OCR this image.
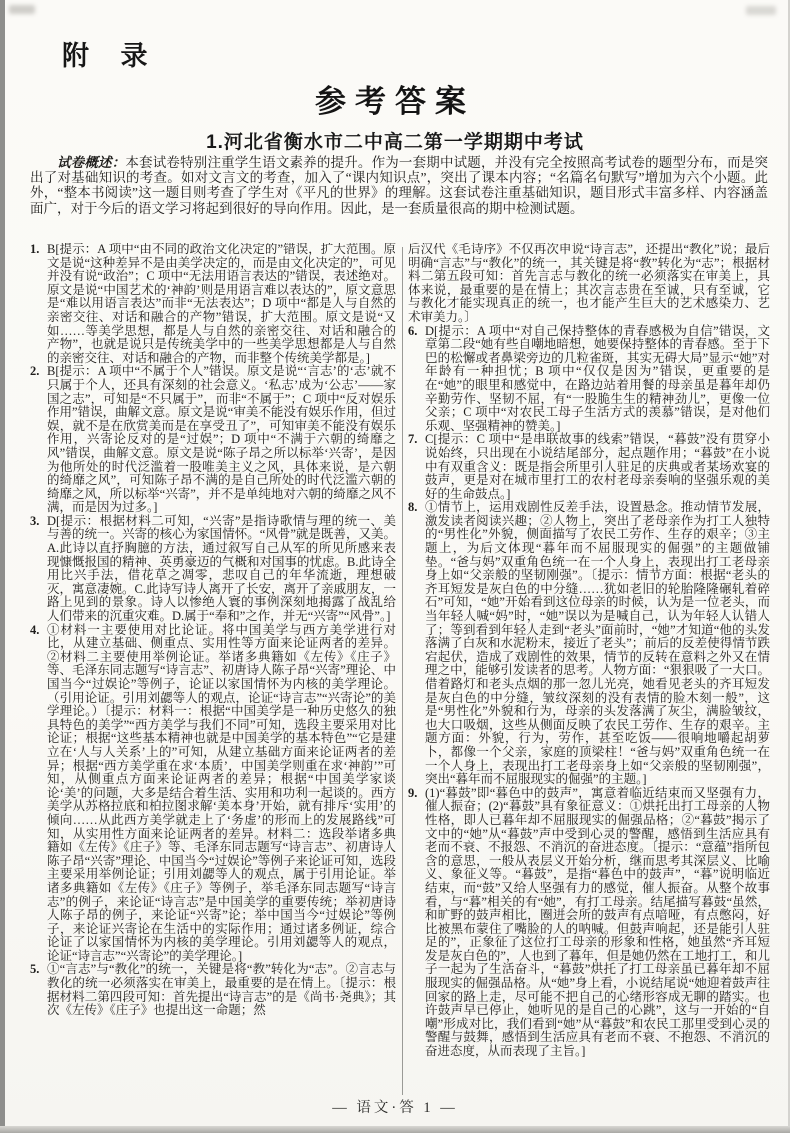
附 录
参考答案
1.河北省衡水市二中高二第一学期期中考试
试卷概述：本套试卷特别注重学生语文素养的提升。作为一套期中试题，并没有完全按照高考试卷的题型分布，而是突出了对基础知识的考查。如对文言文的考查，加入了“课内知识点”，突出了课本内容；“名篇名句默写”增加为六个小题。此外，“整本书阅读”这一题目则考查了学生对《平凡的世界》的理解。这套试卷注重基础知识，题目形式丰富多样、内容涵盖面广，对于今后的语文学习将起到很好的导向作用。因此，是一套质量很高的期中检测试题。
1. B[提示：A 项中“由不同的政治文化决定的”错误，扩大范围。原文是说“这种差异不是由美学决定的，而是由文化决定的”，可见并没有说“政治”；C 项中“无法用语言表达的”错误，表述绝对。原文是说“中国艺术的‘神韵’则是用语言难以表达的”，原文意思是“难以用语言表达”而非“无法表达”；D 项中“都是人与自然的亲密交往、对话和融合的产物”错误，扩大范围。原文是说“又如……等美学思想，都是人与自然的亲密交往、对话和融合的产物”，也就是说只是传统美学中的一些美学思想都是人与自然的亲密交往、对话和融合的产物，而非整个传统美学都是。]
2. B[提示：A 项中“不属于个人”错误。原文是说“‘言志’的‘志’就不只属于个人，还具有深刻的社会意义。‘私志’成为‘公志’——家国之志”，可知是“不只属于”，而非“不属于”；C 项中“反对娱乐作用”错误，曲解文意。原文是说“审美不能没有娱乐作用，但过娱，就不是在欣赏美而是在享受丑了”，可知审美不能没有娱乐作用，兴寄论反对的是“过娱”；D 项中“不满于六朝的绮靡之风”错误，曲解文意。原文是说“陈子昂之所以标举‘兴寄’，是因为他所处的时代泛滥着一股唯美主义之风，具体来说，是六朝的绮靡之风”，可知陈子昂不满的是自己所处的时代泛滥六朝的绮靡之风，所以标举“兴寄”，并不是单纯地对六朝的绮靡之风不满，而是因为过多。]
3. D[提示：根据材料二可知，“兴寄”是指诗歌情与理的统一、美与善的统一。兴寄的核心为家国情怀。“风骨”就是既善，又美。A.此诗以直抒胸臆的方法，通过叙写自己从军的所见所感来表现慷慨报国的精神、英勇豪迈的气概和对国事的忧虑。B.此诗全用比兴手法，借花草之凋零，悲叹自己的年华流逝，理想破灭，寓意凄婉。C.此诗写诗人离开了长安，离开了亲戚朋友，一路上见到的景象。诗人以惨绝人寰的事例深刻地揭露了战乱给人们带来的沉重灾难。D.属于“奉和”之作，并无“兴寄”“风骨”。]
4. ①材料一主要使用对比论证。将中国美学与西方美学进行对比，从建立基础、侧重点、实用性等方面来论证两者的差异。②材料二主要使用举例论证。举诸多典籍如《左传》《庄子》等、毛泽东同志题写“诗言志”、初唐诗人陈子昂“兴寄”理论、中国当今“过娱论”等例子，论证以家国情怀为内核的美学理论。（引用论证。引用刘勰等人的观点，论证“诗言志”“兴寄论”的美学理论。）〔提示：材料一：根据“中国美学是一种历史悠久的独具特色的美学”“西方美学与我们不同”可知，选段主要采用对比论证；根据“这些基本精神也就是中国美学的基本特色”“它是建立在‘人与人关系’上的”可知，从建立基础方面来论证两者的差异；根据“西方美学重在求‘本质’，中国美学则重在求‘神韵’”可知，从侧重点方面来论证两者的差异；根据“中国美学家谈论‘美’的问题，大多是结合着生活、实用和功利一起谈的。西方美学从苏格拉底和柏拉图求解‘美本身’开始，就有排斥‘实用’的倾向……从此西方美学就走上了‘务虚’的形而上的发展路线”可知，从实用性方面来论证两者的差异。材料二：选段举诸多典籍如《左传》《庄子》等、毛泽东同志题写“诗言志”、初唐诗人陈子昂“兴寄”理论、中国当今“过娱论”等例子来论证可知，选段主要采用举例论证；引用刘勰等人的观点，属于引用论证。举诸多典籍如《左传》《庄子》等例子，举毛泽东同志题写“诗言志”的例子，来论证“诗言志”是中国美学的重要传统；举初唐诗人陈子昂的例子，来论证“兴寄”论；举中国当今“过娱论”等例子，来论证兴寄论在生活中的实际作用；通过诸多例证，综合论证了以家国情怀为内核的美学理论。引用刘勰等人的观点，论证“诗言志”“兴寄论”的美学理论。]
5. ①“言志”与“教化”的统一，关键是将“教”转化为“志”。②言志与教化的统一必须落实在审美上，最重要的是在情上。〔提示：根据材料二第四段可知：首先提出“诗言志”的是《尚书·尧典》；其次《左传》《庄子》也提出这一命题；然

后汉代《毛诗序》不仅再次申说“诗言志”，还提出“教化”说；最后明确“言志”与“教化”的统一，其关键是将“教”转化为“志”；根据材料二第五段可知：首先言志与教化的统一必须落实在审美上，具体来说，最重要的是在情上；其次言志贵在至诚，只有至诚，它与教化才能实现真正的统一，也才能产生巨大的艺术感染力、艺术审美力。〕

6. D[提示：A 项中“对自己保持整体的青春感极为自信”错误，文章第二段“她有些自嘲地暗想，她要保持整体的青春感。至于下巴的松懈或者鼻梁旁边的几粒雀斑，其实无碍大局”显示“她”对年龄有一种担忧；B 项中“仅仅是因为”错误，更重要的是在“她”的眼里和感觉中，在路边站着用餐的母亲虽是暮年却仍辛勤劳作、坚韧不屈，有“一股脆生生的精神劲儿”，更像一位父亲；C 项中“对农民工母子生活方式的羡慕”错误，是对他们乐观、坚强精神的赞美。]
7. C[提示：C 项中“是串联故事的线索”错误，“暮鼓”没有贯穿小说始终，只出现在小说结尾部分，起点题作用；“暮鼓”在小说中有双重含义：既是指会所里引人驻足的庆典或者某场欢宴的鼓声，更是对在城市里打工的农村老母亲奏响的坚强乐观的美好的生命鼓点。]
8. ①情节上，运用戏剧性反差手法，设置悬念。推动情节发展，激发读者阅读兴趣；②人物上，突出了老母亲作为打工人独特的“男性化”外貌，侧面描写了农民工劳作、生存的艰辛；③主题上，为后文体现“暮年而不屈服现实的倔强”的主题做铺垫。“爸与妈”双重角色统一在一个人身上，表现出打工老母亲身上如“父亲般的坚韧刚强”。〔提示：情节方面：根据“老头的齐耳短发是灰白色的中分缝……犹如老旧的轮胎隆隆碾轧着碎石”可知，“她”开始看到这位母亲的时候，认为是一位老头，而当年轻人喊“妈”时，“她”误以为是喊自己，认为年轻人认错人了；等到看到年轻人走到“老头”面前时，“她”才知道“他的头发落满了白灰和水泥粉末，接近了老头”；前后的反差使得情节跌宕起伏，造成了戏剧性的效果，情节的反转在意料之外又在情理之中，能够引发读者的思考。人物方面：“狠狠吸了一大口。借着路灯和老头点烟的那一忽儿光亮，她看见老头的齐耳短发是灰白色的中分缝，皱纹深刻的没有表情的脸木刻一般”，这是“男性化”外貌和行为，母亲的头发落满了灰尘，满脸皱纹，也大口吸烟，这些从侧面反映了农民工劳作、生存的艰辛。主题方面：外貌，行为，劳作，甚至吃饭——很响地嚼起胡萝卜，都像一个父亲，家庭的顶梁柱！“爸与妈”双重角色统一在一个人身上，表现出打工老母亲身上如“父亲般的坚韧刚强”，突出“暮年而不屈服现实的倔强”的主题。]
9. (1)“暮鼓”即“暮色中的鼓声”，寓意着临近结束而又坚强有力，催人振奋；(2)“暮鼓”具有象征意义：①烘托出打工母亲的人物性格，即人已暮年却不屈服现实的倔强品格；②“暮鼓”揭示了文中的“她”从“暮鼓”声中受到心灵的警醒，感悟到生活应具有老而不衰、不报怨、不消沉的奋进态度。〔提示：“意蕴”指所包含的意思，一般从表层义开始分析，继而思考其深层义、比喻义、象征义等。“暮鼓”，是指“暮色中的鼓声”，“暮”说明临近结束，而“鼓”又给人坚强有力的感觉，催人振奋。从整个故事看，与“暮”相关的有“她”，有打工母亲。结尾描写暮鼓“虽然，和旷野的鼓声相比，圈进会所的鼓声有点喑哑，有点憋闷，好比被黑布蒙住了嘴脸的人的呐喊。但鼓声响起，还是能引人驻足的”，正象征了这位打工母亲的形象和性格，她虽然“齐耳短发是灰白色的”，人也到了暮年，但是她仍然在工地打工，和儿子一起为了生活奋斗，“暮鼓”烘托了打工母亲虽已暮年却不屈服现实的倔强品格。从“她”身上看，小说结尾说“她迎着鼓声往回家的路上走，尽可能不把自己的心绪形容成无聊的踏实。也许鼓声早已停止，她听见的是自己的心跳”，这与一开始的“自嘲”形成对比，我们看到“她”从“暮鼓”和农民工那里受到心灵的警醒与鼓舞，感悟到生活应具有老而不衰、不抱怨、不消沉的奋进态度，从而表现了主旨。]
— 语文·答 1 —
